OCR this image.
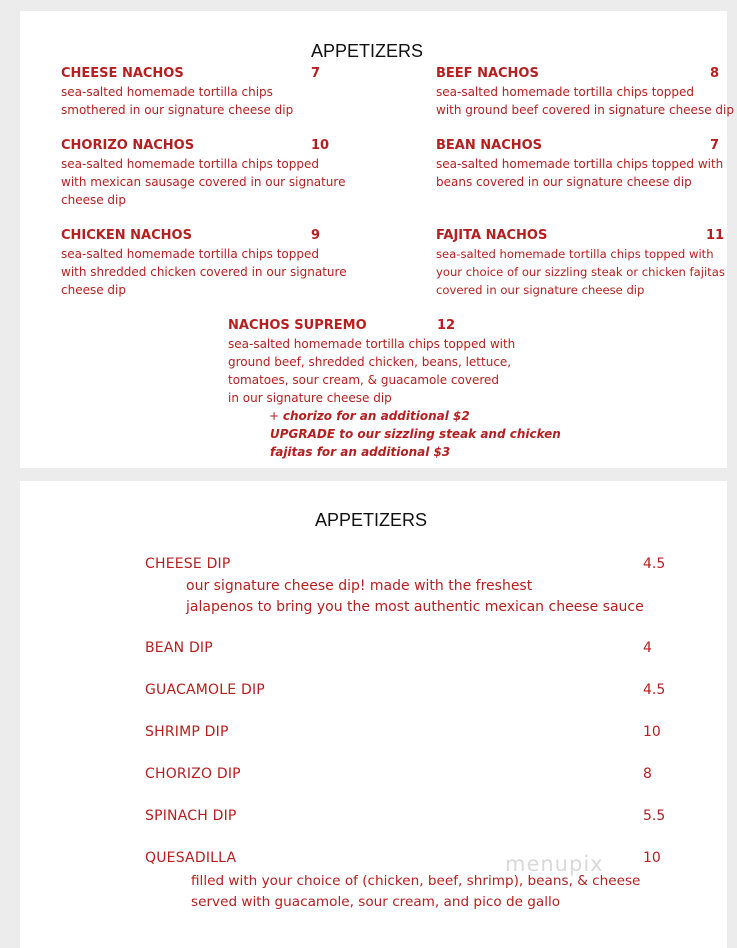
APPETIZERS
CHEESE NACHOS	7
sea-salted homemade tortilla chips
smothered in our signature cheese dip
BEEF NACHOS	8
sea-salted homemade tortilla chips topped
with ground beef covered in signature cheese dip
CHORIZO NACHOS	10
sea-salted homemade tortilla chips topped
with mexican sausage covered in our signature
cheese dip
BEAN NACHOS	7
sea-salted homemade tortilla chips topped with
beans covered in our signature cheese dip
CHICKEN NACHOS	9
sea-salted homemade tortilla chips topped
with shredded chicken covered in our signature
cheese dip
FAJITA NACHOS	11
sea-salted homemade tortilla chips topped with
your choice of our sizzling steak or chicken fajitas
covered in our signature cheese dip
NACHOS SUPREMO	12
sea-salted homemade tortilla chips topped with
ground beef, shredded chicken, beans, lettuce,
tomatoes, sour cream, & guacamole covered
in our signature cheese dip
+ chorizo for an additional $2
UPGRADE to our sizzling steak and chicken
fajitas for an additional $3
APPETIZERS
CHEESE DIP	4.5
our signature cheese dip! made with the freshest
jalapenos to bring you the most authentic mexican cheese sauce
BEAN DIP	4
GUACAMOLE DIP	4.5
SHRIMP DIP	10
CHORIZO DIP	8
SPINACH DIP	5.5
menupix
QUESADILLA	10
filled with your choice of (chicken, beef, shrimp), beans, & cheese
served with guacamole, sour cream, and pico de gallo
